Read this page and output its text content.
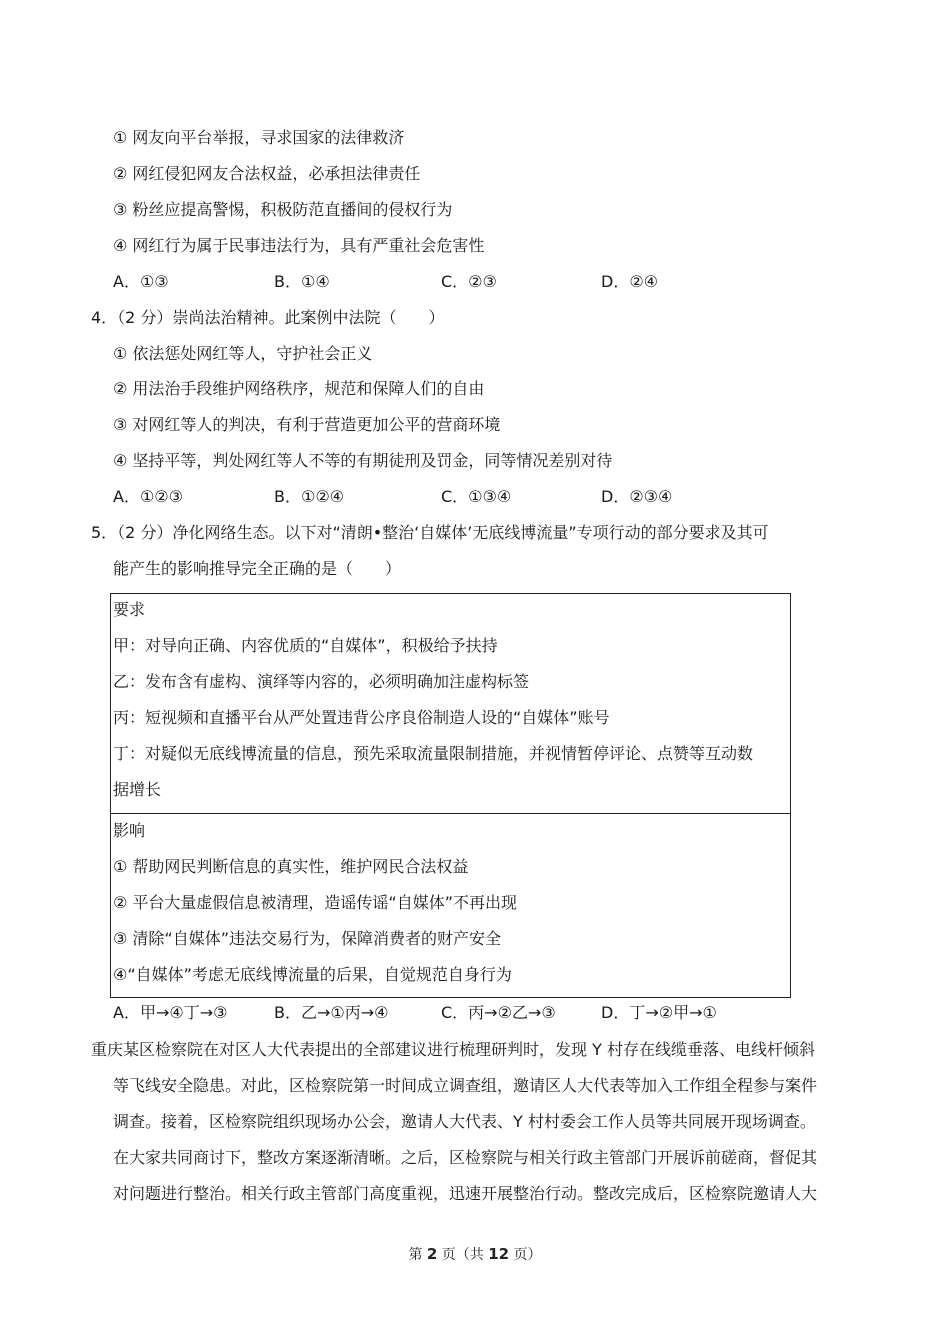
① 网友向平台举报，寻求国家的法律救济
② 网红侵犯网友合法权益，必承担法律责任
③ 粉丝应提高警惕，积极防范直播间的侵权行为
④ 网红行为属于民事违法行为，具有严重社会危害性
A．①③	B．①④	C．②③	D．②④
4．（2 分）崇尚法治精神。此案例中法院（　　）
① 依法惩处网红等人，守护社会正义
② 用法治手段维护网络秩序，规范和保障人们的自由
③ 对网红等人的判决，有利于营造更加公平的营商环境
④ 坚持平等，判处网红等人不等的有期徒刑及罚金，同等情况差别对待
A．①②③	B．①②④	C．①③④	D．②③④
5．（2 分）净化网络生态。以下对“清朗•整治‘自媒体’无底线博流量”专项行动的部分要求及其可
能产生的影响推导完全正确的是（　　）
要求
甲：对导向正确、内容优质的“自媒体”，积极给予扶持
乙：发布含有虚构、演绎等内容的，必须明确加注虚构标签
丙：短视频和直播平台从严处置违背公序良俗制造人设的“自媒体”账号
丁：对疑似无底线博流量的信息，预先采取流量限制措施，并视情暂停评论、点赞等互动数
据增长
影响
① 帮助网民判断信息的真实性，维护网民合法权益
② 平台大量虚假信息被清理，造谣传谣“自媒体”不再出现
③ 清除“自媒体”违法交易行为，保障消费者的财产安全
④“自媒体”考虑无底线博流量的后果，自觉规范自身行为
A．甲→④丁→③	B．乙→①丙→④	C．丙→②乙→③	D．丁→②甲→①
重庆某区检察院在对区人大代表提出的全部建议进行梳理研判时，发现 Y 村存在线缆垂落、电线杆倾斜
等飞线安全隐患。对此，区检察院第一时间成立调查组，邀请区人大代表等加入工作组全程参与案件
调查。接着，区检察院组织现场办公会，邀请人大代表、Y 村村委会工作人员等共同展开现场调查。
在大家共同商讨下，整改方案逐渐清晰。之后，区检察院与相关行政主管部门开展诉前磋商，督促其
对问题进行整治。相关行政主管部门高度重视，迅速开展整治行动。整改完成后，区检察院邀请人大
第 2 页（共 12 页）
